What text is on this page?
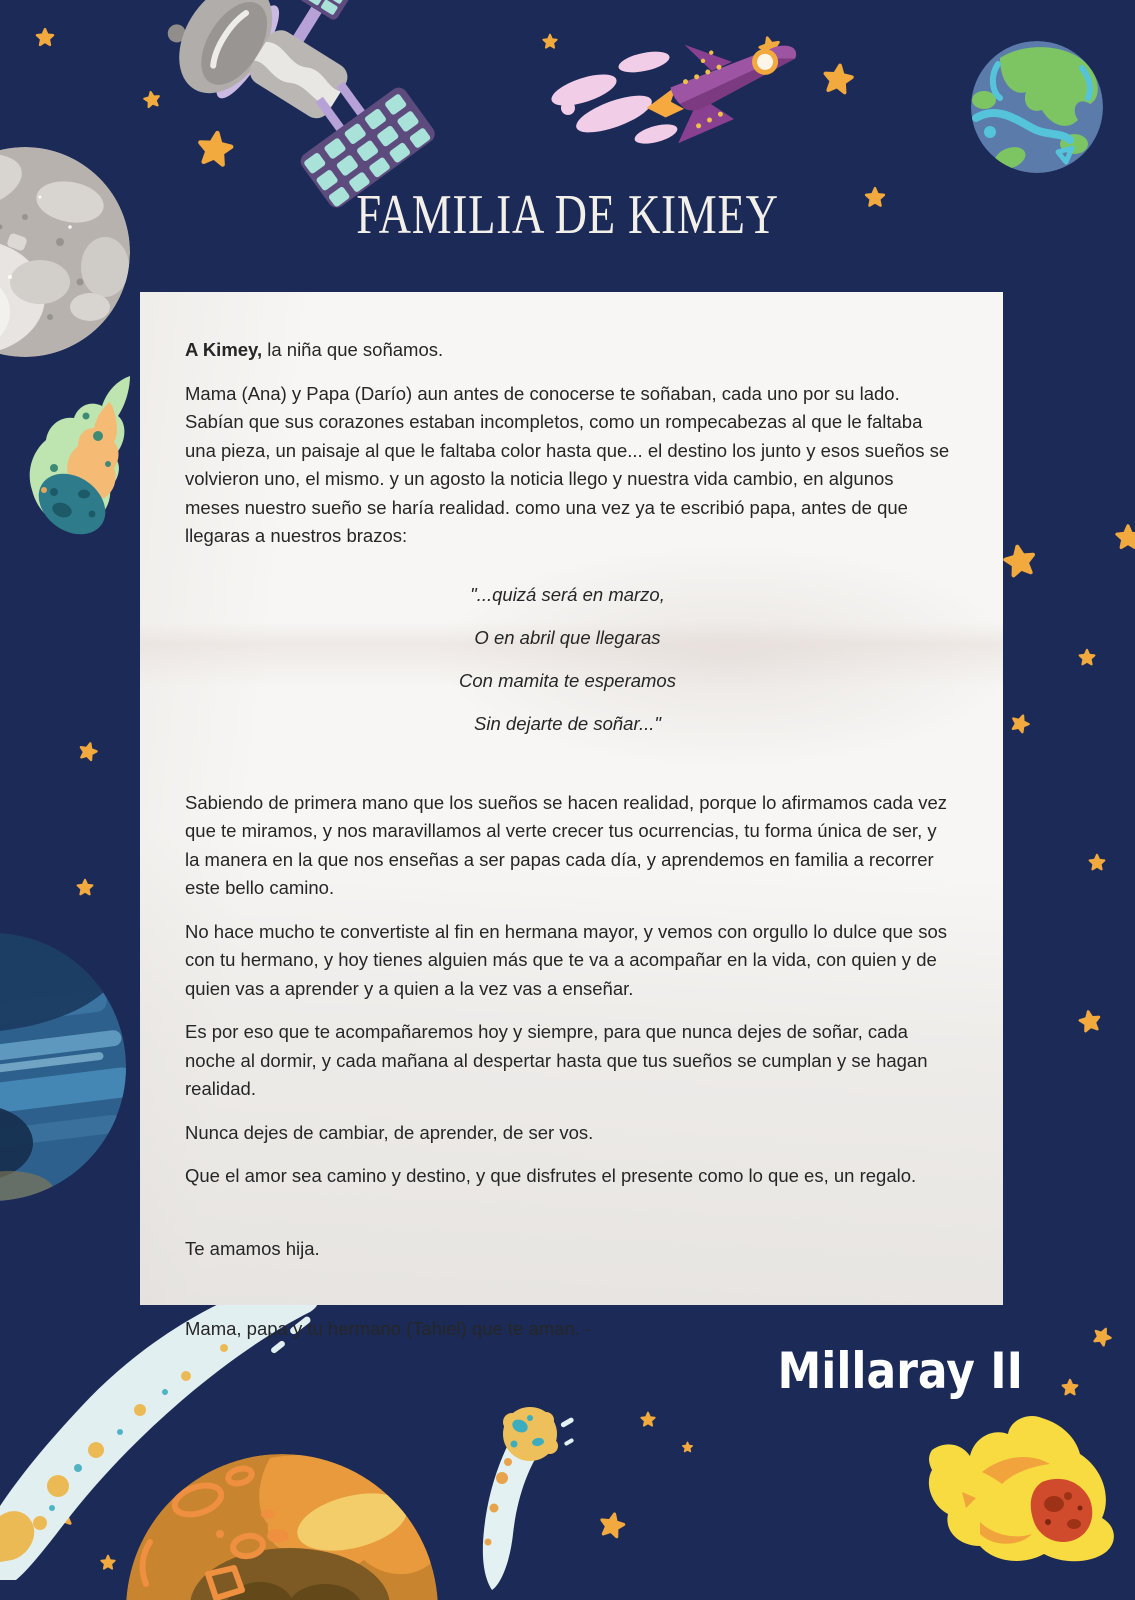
FAMILIA DE KIMEY

A Kimey, la niña que soñamos.

Mama (Ana) y Papa (Darío) aun antes de conocerse te soñaban, cada uno por su lado. Sabían que sus corazones estaban incompletos, como un rompecabezas al que le faltaba una pieza, un paisaje al que le faltaba color hasta que... el destino los junto y esos sueños se volvieron uno, el mismo. y un agosto la noticia llego y nuestra vida cambio, en algunos meses nuestro sueño se haría realidad. como una vez ya te escribió papa, antes de que llegaras a nuestros brazos:

"...quizá será en marzo,
O en abril que llegaras
Con mamita te esperamos
Sin dejarte de soñar..."

Sabiendo de primera mano que los sueños se hacen realidad, porque lo afirmamos cada vez que te miramos, y nos maravillamos al verte crecer tus ocurrencias, tu forma única de ser, y la manera en la que nos enseñas a ser papas cada día, y aprendemos en familia a recorrer este bello camino.

No hace mucho te convertiste al fin en hermana mayor, y vemos con orgullo lo dulce que sos con tu hermano, y hoy tienes alguien más que te va a acompañar en la vida, con quien y de quien vas a aprender y a quien a la vez vas a enseñar.

Es por eso que te acompañaremos hoy y siempre, para que nunca dejes de soñar, cada noche al dormir, y cada mañana al despertar hasta que tus sueños se cumplan y se hagan realidad.

Nunca dejes de cambiar, de aprender, de ser vos.

Que el amor sea camino y destino, y que disfrutes el presente como lo que es, un regalo.

Te amamos hija.

Mama, papa y tu hermano (Tahiel) que te aman. -

Millaray II
